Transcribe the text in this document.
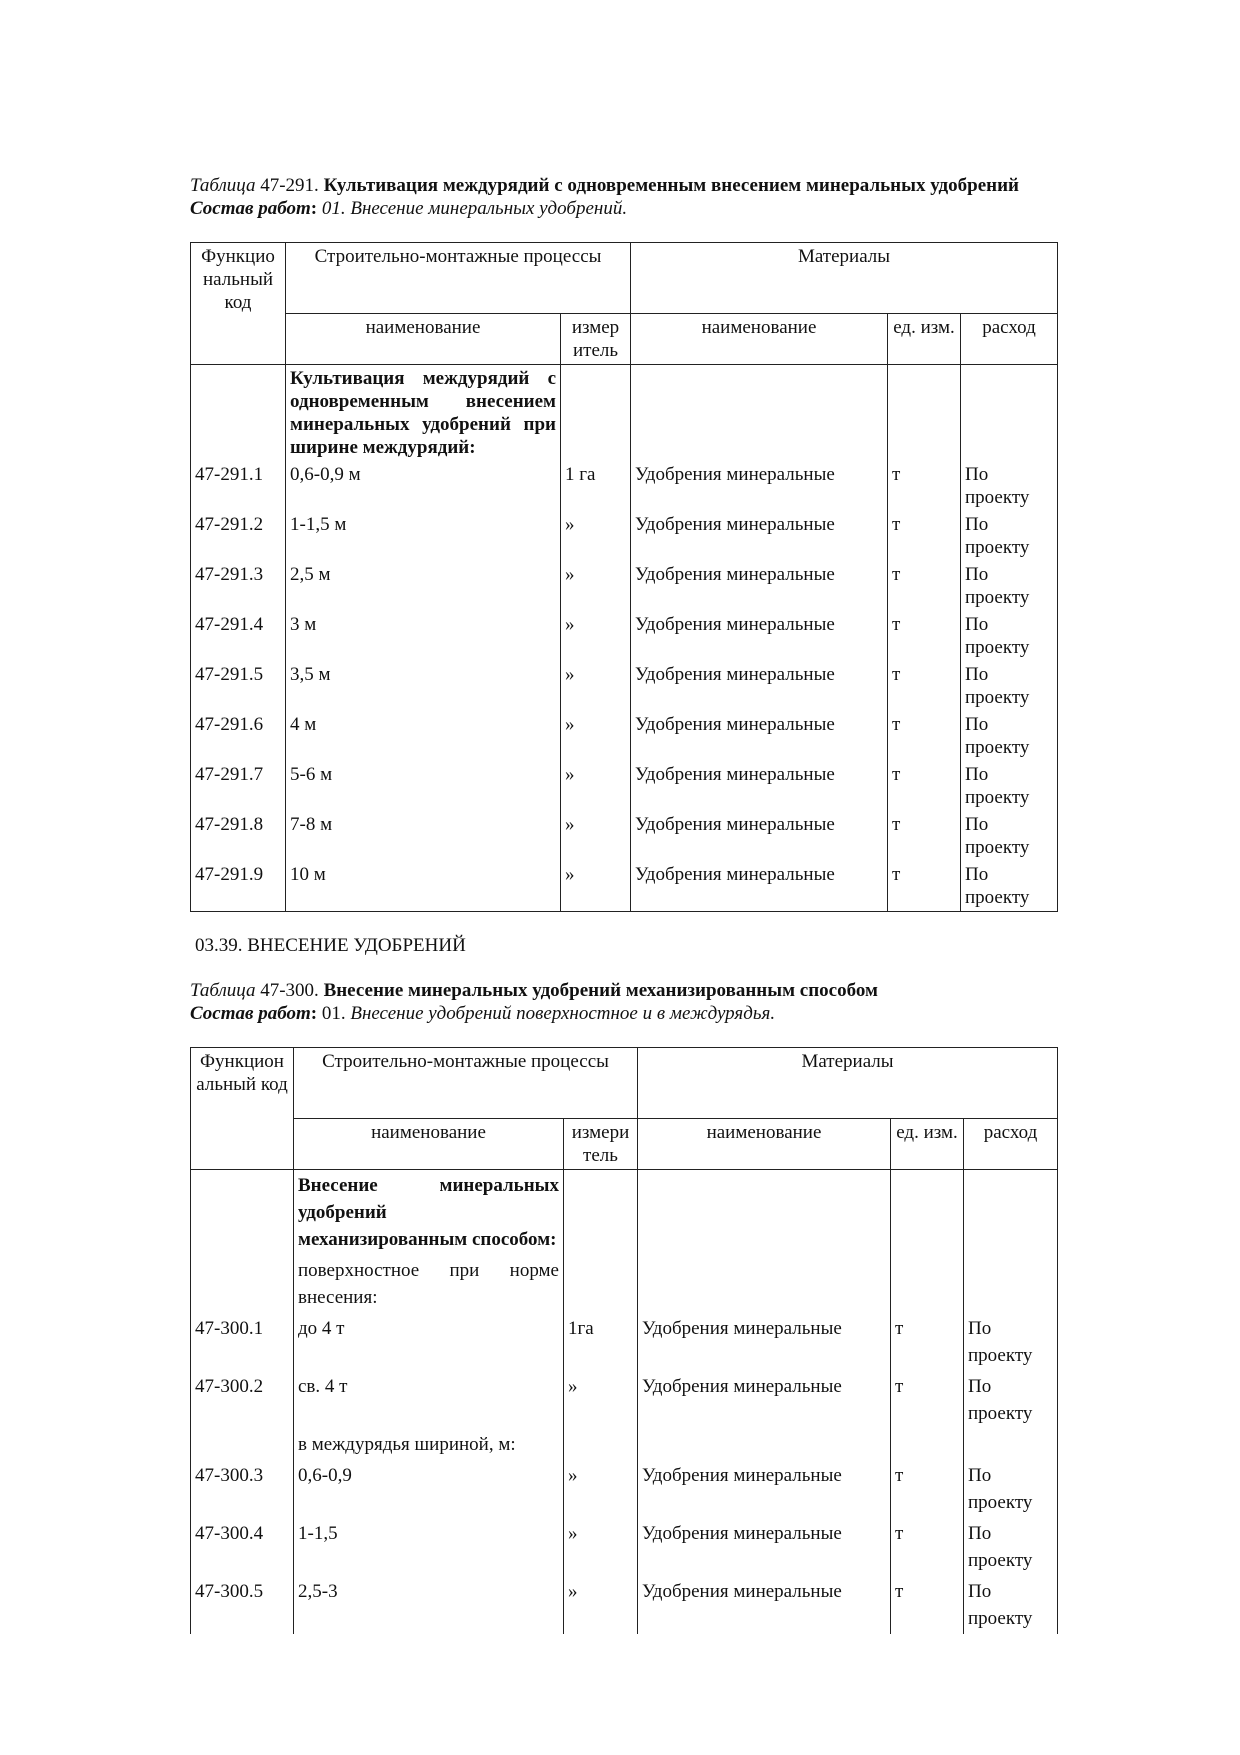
Таблица 47-291. Культивация междурядий с одновременным внесением минеральных удобрений

Состав работ: 01. Внесение минеральных удобрений.

Функцио нальный код	Строительно-монтажные процессы		Материалы		
	наименование	измер итель	наименование	ед. изм.	расход
	Культивация междурядий с одновременным внесением минеральных удобрений при ширине междурядий:				
47-291.1	0,6-0,9 м	1 га	Удобрения минеральные	т	По проекту
47-291.2	1-1,5 м	»	Удобрения минеральные	т	По проекту
47-291.3	2,5 м	»	Удобрения минеральные	т	По проекту
47-291.4	3 м	»	Удобрения минеральные	т	По проекту
47-291.5	3,5 м	»	Удобрения минеральные	т	По проекту
47-291.6	4 м	»	Удобрения минеральные	т	По проекту
47-291.7	5-6 м	»	Удобрения минеральные	т	По проекту
47-291.8	7-8 м	»	Удобрения минеральные	т	По проекту
47-291.9	10 м	»	Удобрения минеральные	т	По проекту

03.39. ВНЕСЕНИЕ УДОБРЕНИЙ

Таблица 47-300. Внесение минеральных удобрений механизированным способом

Состав работ: 01. Внесение удобрений поверхностное и в междурядья.

Функцион альный код	Строительно-монтажные процессы		Материалы		
	наименование	измери тель	наименование	ед. изм.	расход
	Внесение минеральных удобрений механизированным способом:				
	поверхностное при норме внесения:				
47-300.1	до 4 т	1га	Удобрения минеральные	т	По проекту
47-300.2	св. 4 т	»	Удобрения минеральные	т	По проекту
	в междурядья шириной, м:				
47-300.3	0,6-0,9	»	Удобрения минеральные	т	По проекту
47-300.4	1-1,5	»	Удобрения минеральные	т	По проекту
47-300.5	2,5-3	»	Удобрения минеральные	т	По проекту
